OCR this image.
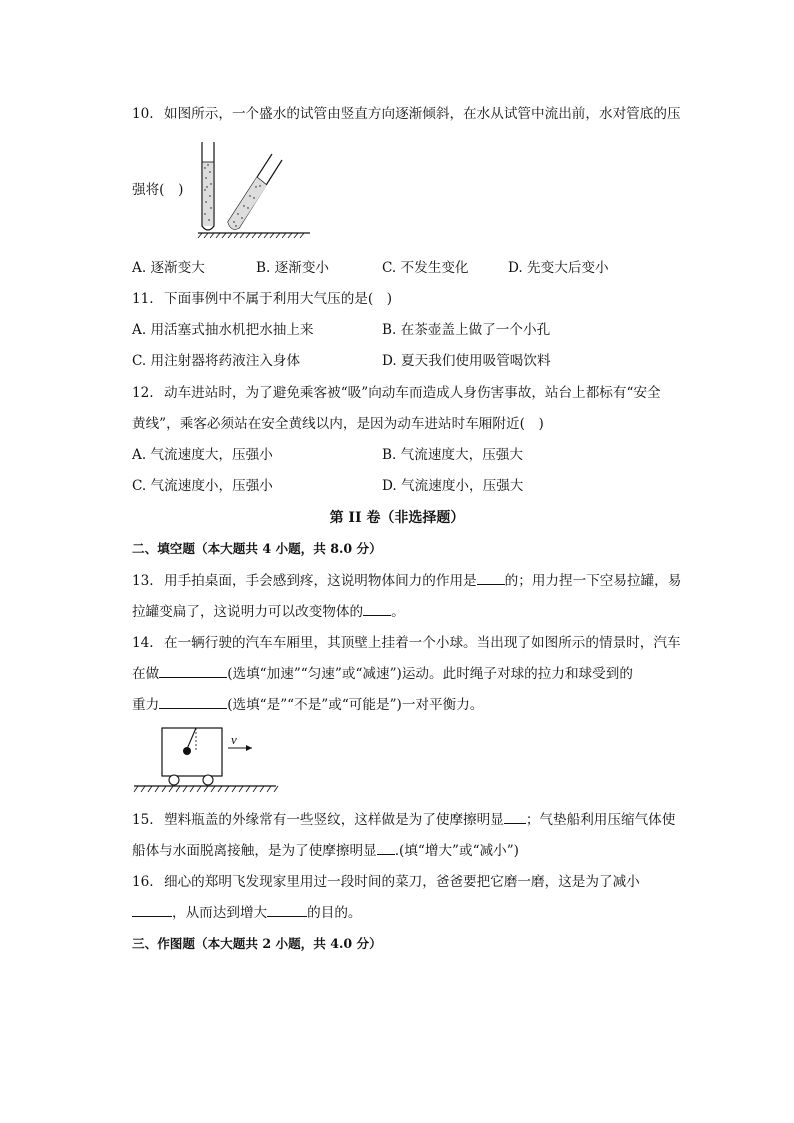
10. 如图所示，一个盛水的试管由竖直方向逐渐倾斜，在水从试管中流出前，水对管底的压
强将(　)
A. 逐渐变大	B. 逐渐变小	C. 不发生变化	D. 先变大后变小
11. 下面事例中不属于利用大气压的是(　)
A. 用活塞式抽水机把水抽上来	B. 在茶壶盖上做了一个小孔
C. 用注射器将药液注入身体	D. 夏天我们使用吸管喝饮料
12. 动车进站时，为了避免乘客被“吸”向动车而造成人身伤害事故，站台上都标有“安全
黄线”，乘客必须站在安全黄线以内，是因为动车进站时车厢附近(　)
A. 气流速度大，压强小	B. 气流速度大，压强大
C. 气流速度小，压强小	D. 气流速度小，压强大
第 II 卷（非选择题）
二、填空题（本大题共 4 小题，共 8.0 分）
13. 用手拍桌面，手会感到疼，这说明物体间力的作用是 的；用力捏一下空易拉罐，易
拉罐变扁了，这说明力可以改变物体的 。
14. 在一辆行驶的汽车车厢里，其顶壁上挂着一个小球。当出现了如图所示的情景时，汽车
在做	(选填“加速”“匀速”或“减速”)运动。此时绳子对球的拉力和球受到的
重力	(选填“是”“不是”或“可能是”)一对平衡力。
v
15. 塑料瓶盖的外缘常有一些竖纹，这样做是为了使摩擦明显 ；气垫船利用压缩气体使
船体与水面脱离接触，是为了使摩擦明显 .(填“增大”或“减小”)
16. 细心的郑明飞发现家里用过一段时间的菜刀，爸爸要把它磨一磨，这是为了减小
，从而达到增大	的目的。
三、作图题（本大题共 2 小题，共 4.0 分）
